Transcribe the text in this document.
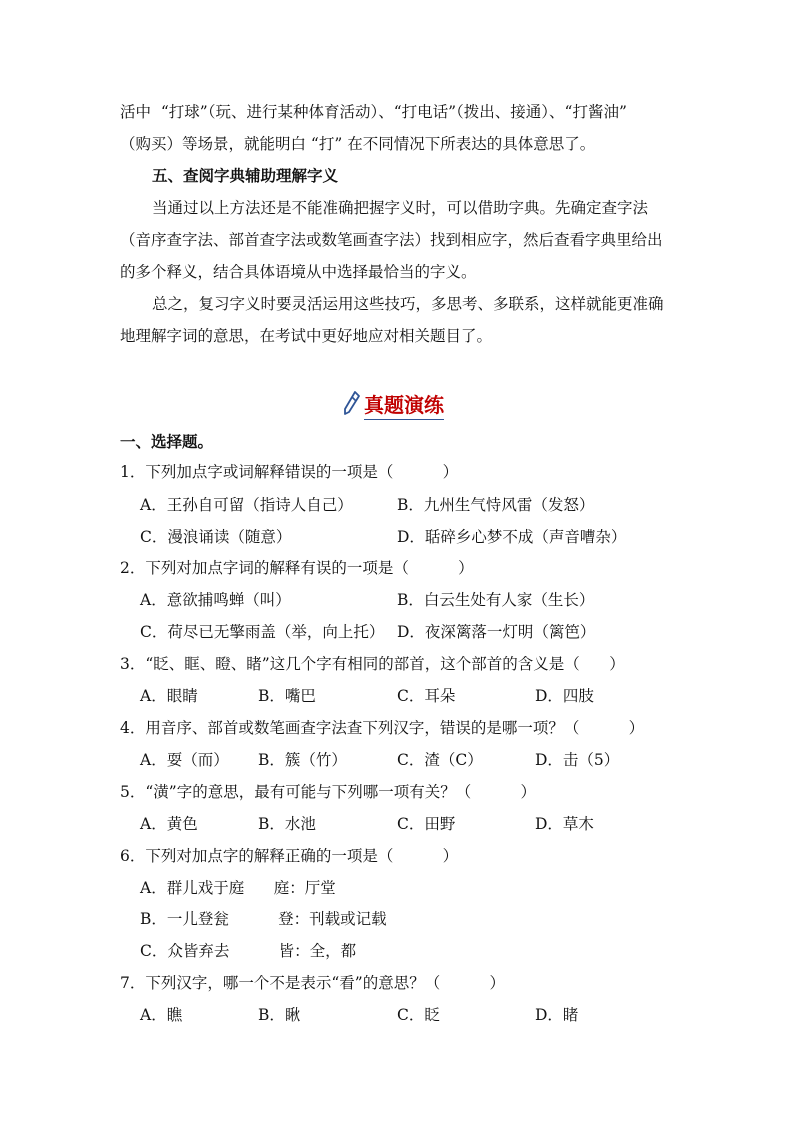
活中  “打球”（玩、进行某种体育活动）、“打电话”（拨出、接通）、“打酱油”
（购买）等场景，就能明白 “打” 在不同情况下所表达的具体意思了。
五、查阅字典辅助理解字义
当通过以上方法还是不能准确把握字义时，可以借助字典。先确定查字法
（音序查字法、部首查字法或数笔画查字法）找到相应字，然后查看字典里给出
的多个释义，结合具体语境从中选择最恰当的字义。
总之，复习字义时要灵活运用这些技巧，多思考、多联系，这样就能更准确
地理解字词的意思，在考试中更好地应对相关题目了。
真题演练
一、选择题。
1．下列加点字或词解释错误的一项是（          ）
A．王孙自可留（指诗人自己）	B．九州生气恃风雷（发怒）
C．漫浪诵读（随意）	D．聒碎乡心梦不成（声音嘈杂）
2．下列对加点字词的解释有误的一项是（          ）
A．意欲捕鸣蝉（叫）	B．白云生处有人家（生长）
C．荷尽已无擎雨盖（举，向上托） D．夜深篱落一灯明（篱笆）
3．“眨、眶、瞪、睹”这几个字有相同的部首，这个部首的含义是（      ）
A．眼睛	B．嘴巴	C．耳朵	D．四肢
4．用音序、部首或数笔画查字法查下列汉字，错误的是哪一项？（          ）
A．耍（而） B．簇（竹）	C．渣（C）	D．击（5）
5．“潢”字的意思，最有可能与下列哪一项有关？（          ）
A．黄色	B．水池	C．田野	D．草木
6．下列对加点字的解释正确的一项是（          ）
A．群儿戏于庭      庭：厅堂
B．一儿登瓮          登：刊载或记载
C．众皆弃去          皆：全，都
7．下列汉字，哪一个不是表示“看”的意思？（          ）
A．瞧	B．瞅	C．眨	D．睹
